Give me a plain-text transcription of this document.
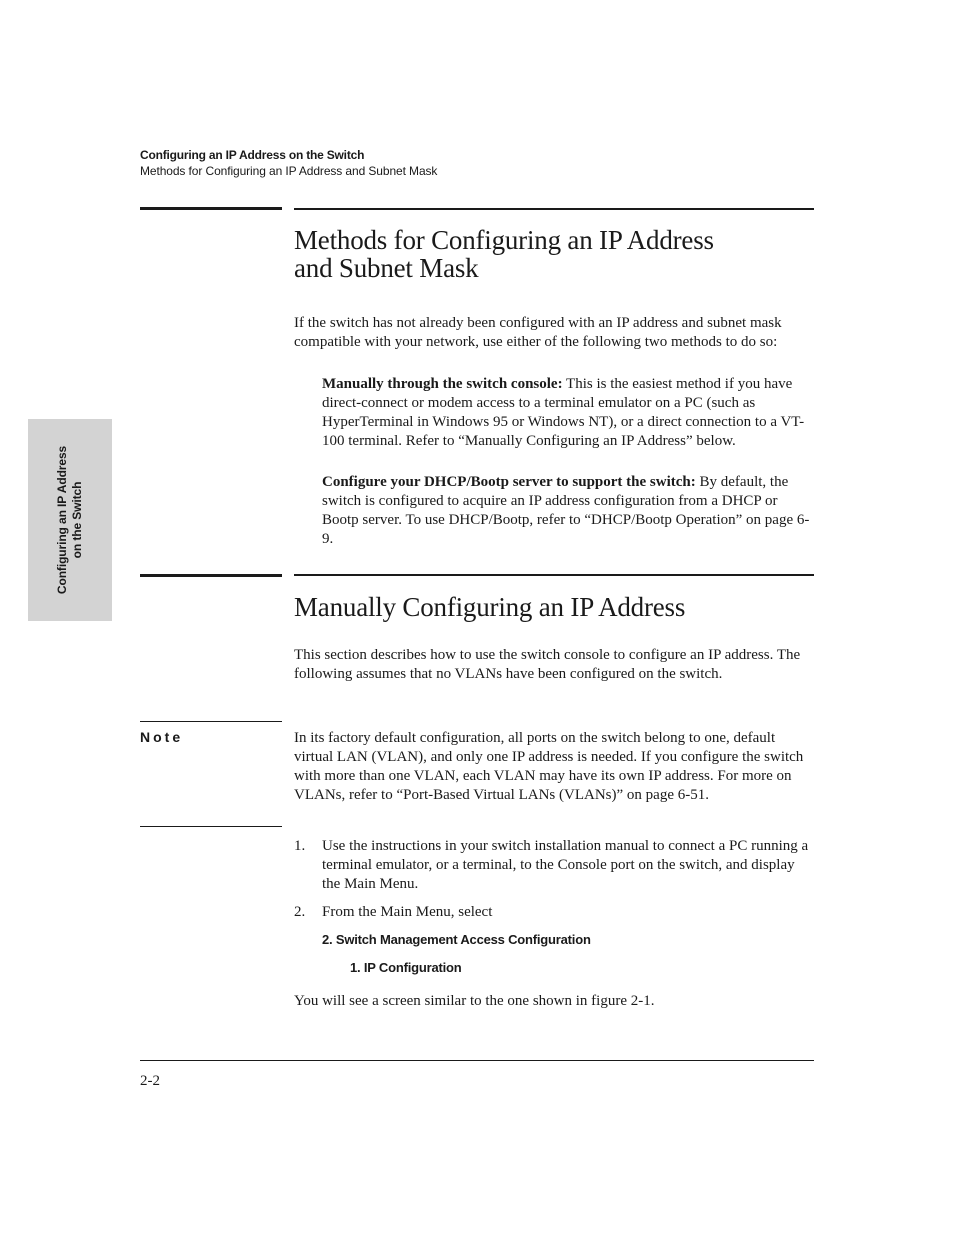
Configuring an IP Address on the Switch
Methods for Configuring an IP Address and Subnet Mask
Configuring an IP Address on the Switch
Methods for Configuring an IP Address
and Subnet Mask
If the switch has not already been configured with an IP address and subnet mask compatible with your network, use either of the following two methods to do so:
Manually through the switch console: This is the easiest method if you have direct-connect or modem access to a terminal emulator on a PC (such as HyperTerminal in Windows 95 or Windows NT), or a direct connection to a VT-100 terminal. Refer to “Manually Configuring an IP Address” below.
Configure your DHCP/Bootp server to support the switch: By default, the switch is configured to acquire an IP address configuration from a DHCP or Bootp server. To use DHCP/Bootp, refer to “DHCP/Bootp Operation” on page 6-9.
Manually Configuring an IP Address
This section describes how to use the switch console to configure an IP address. The following assumes that no VLANs have been configured on the switch.
Note	In its factory default configuration, all ports on the switch belong to one, default virtual LAN (VLAN), and only one IP address is needed. If you configure the switch with more than one VLAN, each VLAN may have its own IP address. For more on VLANs, refer to “Port-Based Virtual LANs (VLANs)” on page 6-51.
1. Use the instructions in your switch installation manual to connect a PC running a terminal emulator, or a terminal, to the Console port on the switch, and display the Main Menu.
2. From the Main Menu, select
2. Switch Management Access Configuration
1. IP Configuration
You will see a screen similar to the one shown in figure 2-1.
2-2
